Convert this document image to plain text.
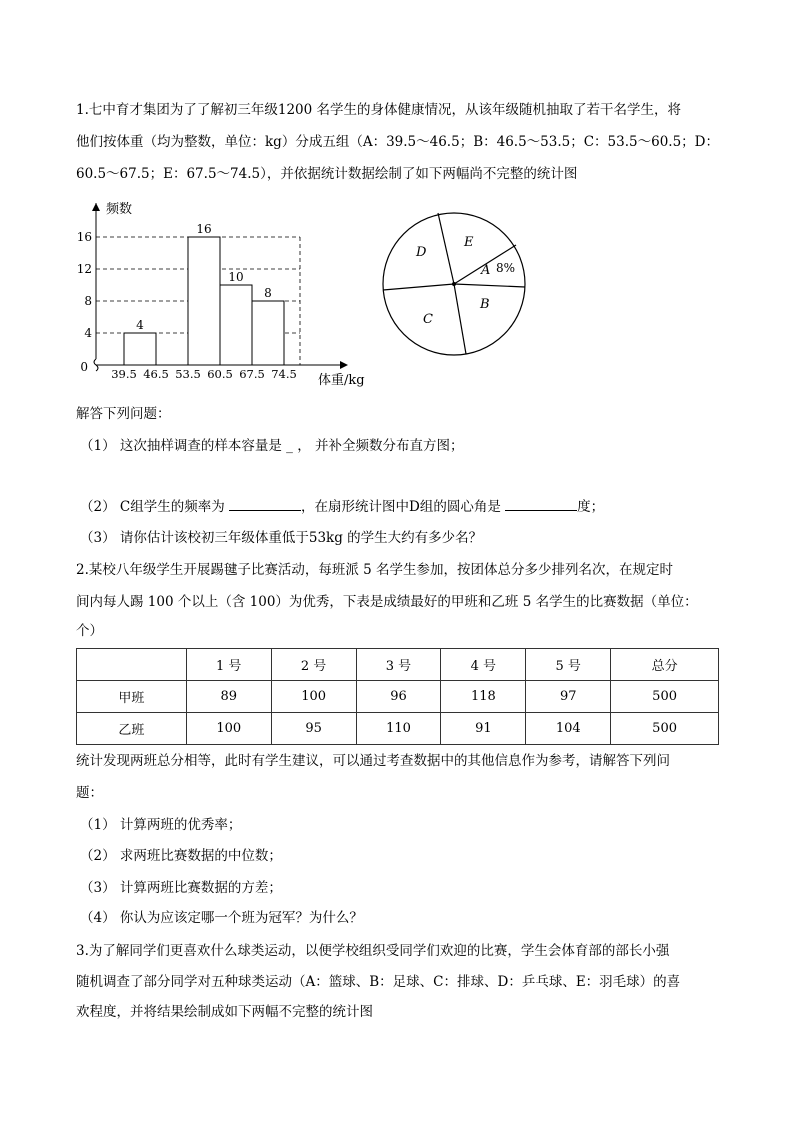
1.七中育才集团为了了解初三年级1200 名学生的身体健康情况，从该年级随机抽取了若干名学生，将
他们按体重（均为整数，单位：kg）分成五组（A：39.5～46.5；B：46.5～53.5；C：53.5～60.5；D：
60.5～67.5；E：67.5～74.5），并依据统计数据绘制了如下两幅尚不完整的统计图
4
16
10
8
4
8
12
16
0 39.5 46.5 53.5 60.5 67.5 74.5
频数
体重/kg
E
D
A 8%
B
C
解答下列问题：
（1） 这次抽样调查的样本容量是 _ ， 并补全频数分布直方图；
（2） C组学生的频率为	，在扇形统计图中D组的圆心角是	度；
（3） 请你估计该校初三年级体重低于53kg 的学生大约有多少名？
2.某校八年级学生开展踢毽子比赛活动，每班派 5 名学生参加，按团体总分多少排列名次，在规定时
间内每人踢 100 个以上（含 100）为优秀，下表是成绩最好的甲班和乙班 5 名学生的比赛数据（单位：
个）
	1 号	2 号	3 号	4 号	5 号	总分
甲班	89	100	96	118	97	500
乙班	100	95	110	91	104	500
统计发现两班总分相等，此时有学生建议，可以通过考查数据中的其他信息作为参考，请解答下列问
题：
（1） 计算两班的优秀率；
（2） 求两班比赛数据的中位数；
（3） 计算两班比赛数据的方差；
（4） 你认为应该定哪一个班为冠军？为什么？
3.为了解同学们更喜欢什么球类运动，以便学校组织受同学们欢迎的比赛，学生会体育部的部长小强
随机调查了部分同学对五种球类运动（A：篮球、B：足球、C：排球、D：乒乓球、E：羽毛球）的喜
欢程度，并将结果绘制成如下两幅不完整的统计图
